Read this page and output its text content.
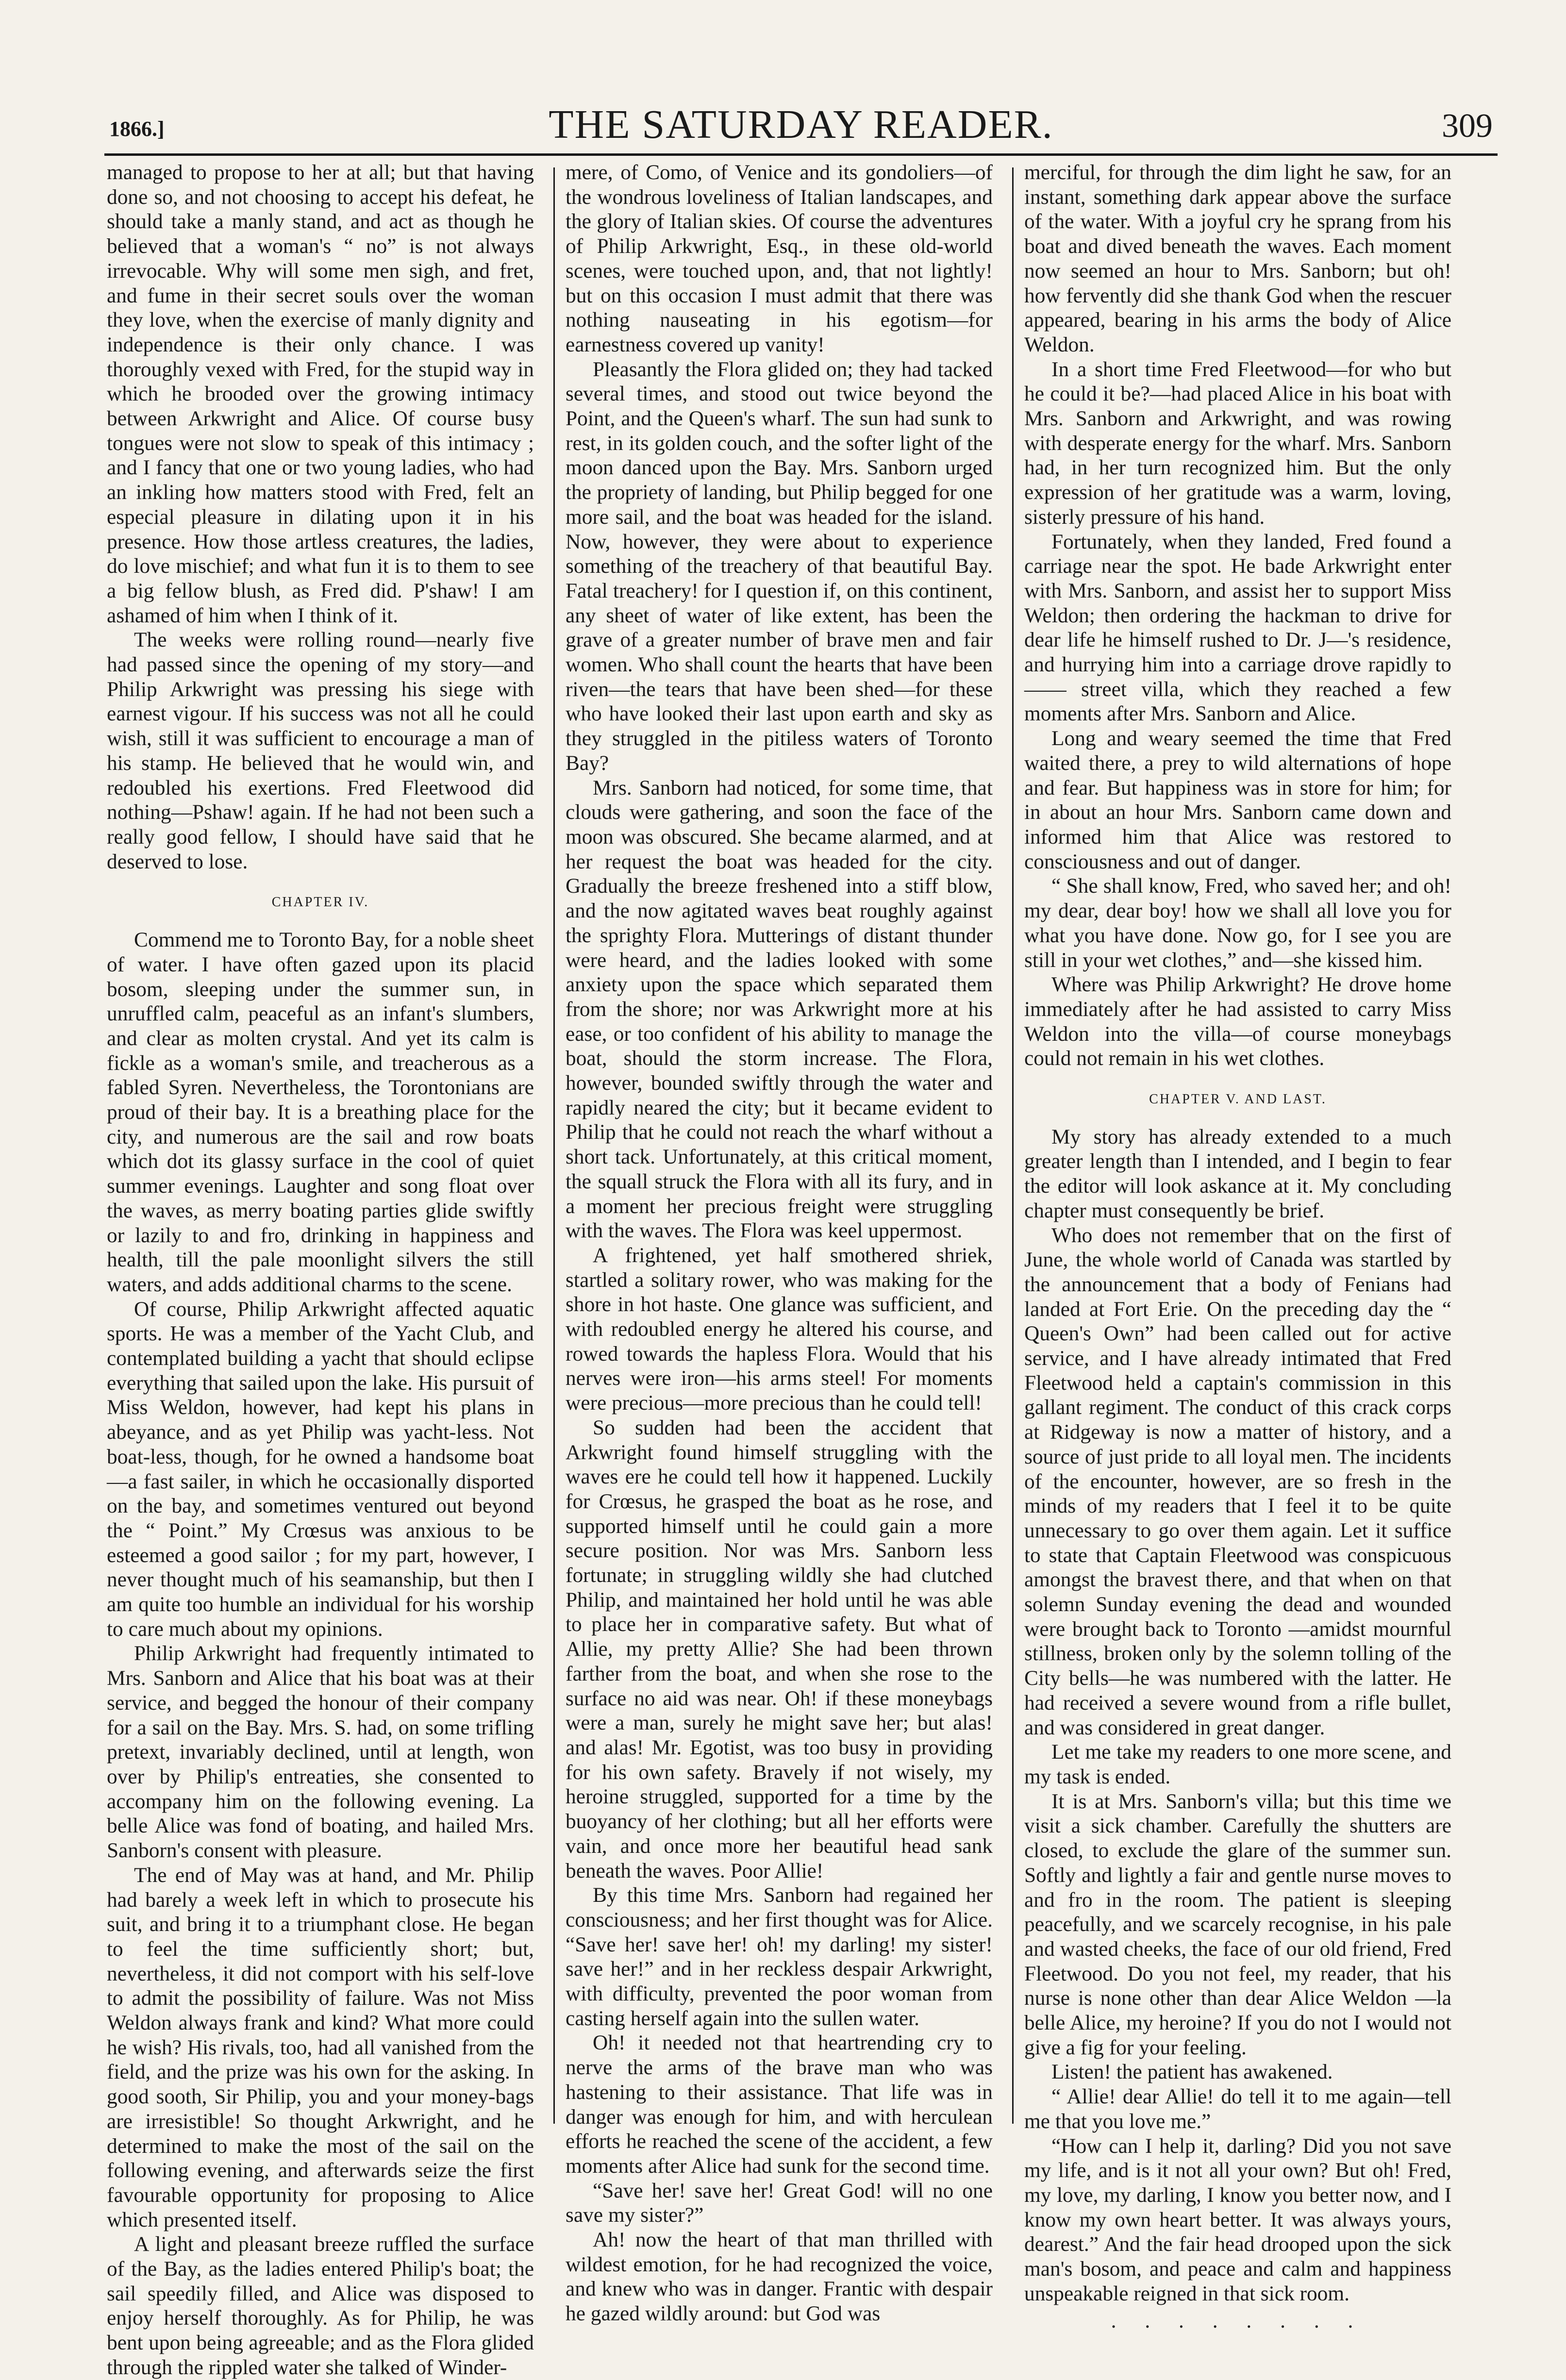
1866.]	THE SATURDAY READER.	309

managed to propose to her at all; but that having done so, and not choosing to accept his defeat, he should take a manly stand, and act as though he believed that a woman's “ no” is not always irrevocable. Why will some men sigh, and fret, and fume in their secret souls over the woman they love, when the exercise of manly dignity and independence is their only chance. I was thoroughly vexed with Fred, for the stupid way in which he brooded over the growing intimacy between Arkwright and Alice. Of course busy tongues were not slow to speak of this intimacy ; and I fancy that one or two young ladies, who had an inkling how matters stood with Fred, felt an especial pleasure in dilating upon it in his presence. How those artless creatures, the ladies, do love mischief; and what fun it is to them to see a big fellow blush, as Fred did. P'shaw! I am ashamed of him when I think of it.

The weeks were rolling round—nearly five had passed since the opening of my story—and Philip Arkwright was pressing his siege with earnest vigour. If his success was not all he could wish, still it was sufficient to encourage a man of his stamp. He believed that he would win, and redoubled his exertions. Fred Fleetwood did nothing—Pshaw! again. If he had not been such a really good fellow, I should have said that he deserved to lose.

CHAPTER IV.

Commend me to Toronto Bay, for a noble sheet of water. I have often gazed upon its placid bosom, sleeping under the summer sun, in unruffled calm, peaceful as an infant's slumbers, and clear as molten crystal. And yet its calm is fickle as a woman's smile, and treacherous as a fabled Syren. Nevertheless, the Torontonians are proud of their bay. It is a breathing place for the city, and numerous are the sail and row boats which dot its glassy surface in the cool of quiet summer evenings. Laughter and song float over the waves, as merry boating parties glide swiftly or lazily to and fro, drinking in happiness and health, till the pale moonlight silvers the still waters, and adds additional charms to the scene.

Of course, Philip Arkwright affected aquatic sports. He was a member of the Yacht Club, and contemplated building a yacht that should eclipse everything that sailed upon the lake. His pursuit of Miss Weldon, however, had kept his plans in abeyance, and as yet Philip was yacht-less. Not boat-less, though, for he owned a handsome boat—a fast sailer, in which he occasionally disported on the bay, and sometimes ventured out beyond the “ Point.” My Crœsus was anxious to be esteemed a good sailor ; for my part, however, I never thought much of his seamanship, but then I am quite too humble an individual for his worship to care much about my opinions.

Philip Arkwright had frequently intimated to Mrs. Sanborn and Alice that his boat was at their service, and begged the honour of their company for a sail on the Bay. Mrs. S. had, on some trifling pretext, invariably declined, until at length, won over by Philip's entreaties, she consented to accompany him on the following evening. La belle Alice was fond of boating, and hailed Mrs. Sanborn's consent with pleasure.

The end of May was at hand, and Mr. Philip had barely a week left in which to prosecute his suit, and bring it to a triumphant close. He began to feel the time sufficiently short; but, nevertheless, it did not comport with his self-love to admit the possibility of failure. Was not Miss Weldon always frank and kind? What more could he wish? His rivals, too, had all vanished from the field, and the prize was his own for the asking. In good sooth, Sir Philip, you and your money-bags are irresistible! So thought Arkwright, and he determined to make the most of the sail on the following evening, and afterwards seize the first favourable opportunity for proposing to Alice which presented itself.

A light and pleasant breeze ruffled the surface of the Bay, as the ladies entered Philip's boat; the sail speedily filled, and Alice was disposed to enjoy herself thoroughly. As for Philip, he was bent upon being agreeable; and as the Flora glided through the rippled water she talked of Winder-

mere, of Como, of Venice and its gondoliers—of the wondrous loveliness of Italian landscapes, and the glory of Italian skies. Of course the adventures of Philip Arkwright, Esq., in these old-world scenes, were touched upon, and, that not lightly! but on this occasion I must admit that there was nothing nauseating in his egotism—for earnestness covered up vanity!

Pleasantly the Flora glided on; they had tacked several times, and stood out twice beyond the Point, and the Queen's wharf. The sun had sunk to rest, in its golden couch, and the softer light of the moon danced upon the Bay. Mrs. Sanborn urged the propriety of landing, but Philip begged for one more sail, and the boat was headed for the island. Now, however, they were about to experience something of the treachery of that beautiful Bay. Fatal treachery! for I question if, on this continent, any sheet of water of like extent, has been the grave of a greater number of brave men and fair women. Who shall count the hearts that have been riven—the tears that have been shed—for these who have looked their last upon earth and sky as they struggled in the pitiless waters of Toronto Bay?

Mrs. Sanborn had noticed, for some time, that clouds were gathering, and soon the face of the moon was obscured. She became alarmed, and at her request the boat was headed for the city. Gradually the breeze freshened into a stiff blow, and the now agitated waves beat roughly against the sprighty Flora. Mutterings of distant thunder were heard, and the ladies looked with some anxiety upon the space which separated them from the shore; nor was Arkwright more at his ease, or too confident of his ability to manage the boat, should the storm increase. The Flora, however, bounded swiftly through the water and rapidly neared the city; but it became evident to Philip that he could not reach the wharf without a short tack. Unfortunately, at this critical moment, the squall struck the Flora with all its fury, and in a moment her precious freight were struggling with the waves. The Flora was keel uppermost.

A frightened, yet half smothered shriek, startled a solitary rower, who was making for the shore in hot haste. One glance was sufficient, and with redoubled energy he altered his course, and rowed towards the hapless Flora. Would that his nerves were iron—his arms steel! For moments were precious—more precious than he could tell!

So sudden had been the accident that Arkwright found himself struggling with the waves ere he could tell how it happened. Luckily for Crœsus, he grasped the boat as he rose, and supported himself until he could gain a more secure position. Nor was Mrs. Sanborn less fortunate; in struggling wildly she had clutched Philip, and maintained her hold until he was able to place her in comparative safety. But what of Allie, my pretty Allie? She had been thrown farther from the boat, and when she rose to the surface no aid was near. Oh! if these moneybags were a man, surely he might save her; but alas! and alas! Mr. Egotist, was too busy in providing for his own safety. Bravely if not wisely, my heroine struggled, supported for a time by the buoyancy of her clothing; but all her efforts were vain, and once more her beautiful head sank beneath the waves. Poor Allie!

By this time Mrs. Sanborn had regained her consciousness; and her first thought was for Alice. “Save her! save her! oh! my darling! my sister! save her!” and in her reckless despair Arkwright, with difficulty, prevented the poor woman from casting herself again into the sullen water.

Oh! it needed not that heartrending cry to nerve the arms of the brave man who was hastening to their assistance. That life was in danger was enough for him, and with herculean efforts he reached the scene of the accident, a few moments after Alice had sunk for the second time.

“Save her! save her! Great God! will no one save my sister?”

Ah! now the heart of that man thrilled with wildest emotion, for he had recognized the voice, and knew who was in danger. Frantic with despair he gazed wildly around: but God was

merciful, for through the dim light he saw, for an instant, something dark appear above the surface of the water. With a joyful cry he sprang from his boat and dived beneath the waves. Each moment now seemed an hour to Mrs. Sanborn; but oh! how fervently did she thank God when the rescuer appeared, bearing in his arms the body of Alice Weldon.

In a short time Fred Fleetwood—for who but he could it be?—had placed Alice in his boat with Mrs. Sanborn and Arkwright, and was rowing with desperate energy for the wharf. Mrs. Sanborn had, in her turn recognized him. But the only expression of her gratitude was a warm, loving, sisterly pressure of his hand.

Fortunately, when they landed, Fred found a carriage near the spot. He bade Arkwright enter with Mrs. Sanborn, and assist her to support Miss Weldon; then ordering the hackman to drive for dear life he himself rushed to Dr. J—'s residence, and hurrying him into a carriage drove rapidly to —— street villa, which they reached a few moments after Mrs. Sanborn and Alice.

Long and weary seemed the time that Fred waited there, a prey to wild alternations of hope and fear. But happiness was in store for him; for in about an hour Mrs. Sanborn came down and informed him that Alice was restored to consciousness and out of danger.

“ She shall know, Fred, who saved her; and oh! my dear, dear boy! how we shall all love you for what you have done. Now go, for I see you are still in your wet clothes,” and—she kissed him.

Where was Philip Arkwright? He drove home immediately after he had assisted to carry Miss Weldon into the villa—of course moneybags could not remain in his wet clothes.

CHAPTER V. AND LAST.

My story has already extended to a much greater length than I intended, and I begin to fear the editor will look askance at it. My concluding chapter must consequently be brief.

Who does not remember that on the first of June, the whole world of Canada was startled by the announcement that a body of Fenians had landed at Fort Erie. On the preceding day the “ Queen's Own” had been called out for active service, and I have already intimated that Fred Fleetwood held a captain's commission in this gallant regiment. The conduct of this crack corps at Ridgeway is now a matter of history, and a source of just pride to all loyal men. The incidents of the encounter, however, are so fresh in the minds of my readers that I feel it to be quite unnecessary to go over them again. Let it suffice to state that Captain Fleetwood was conspicuous amongst the bravest there, and that when on that solemn Sunday evening the dead and wounded were brought back to Toronto —amidst mournful stillness, broken only by the solemn tolling of the City bells—he was numbered with the latter. He had received a severe wound from a rifle bullet, and was considered in great danger.

Let me take my readers to one more scene, and my task is ended.

It is at Mrs. Sanborn's villa; but this time we visit a sick chamber. Carefully the shutters are closed, to exclude the glare of the summer sun. Softly and lightly a fair and gentle nurse moves to and fro in the room. The patient is sleeping peacefully, and we scarcely recognise, in his pale and wasted cheeks, the face of our old friend, Fred Fleetwood. Do you not feel, my reader, that his nurse is none other than dear Alice Weldon —la belle Alice, my heroine? If you do not I would not give a fig for your feeling.

Listen! the patient has awakened.

“ Allie! dear Allie! do tell it to me again—tell me that you love me.”

“How can I help it, darling? Did you not save my life, and is it not all your own? But oh! Fred, my love, my darling, I know you better now, and I know my own heart better. It was always yours, dearest.” And the fair head drooped upon the sick man's bosom, and peace and calm and happiness unspeakable reigned in that sick room.

. . . . . . . .
